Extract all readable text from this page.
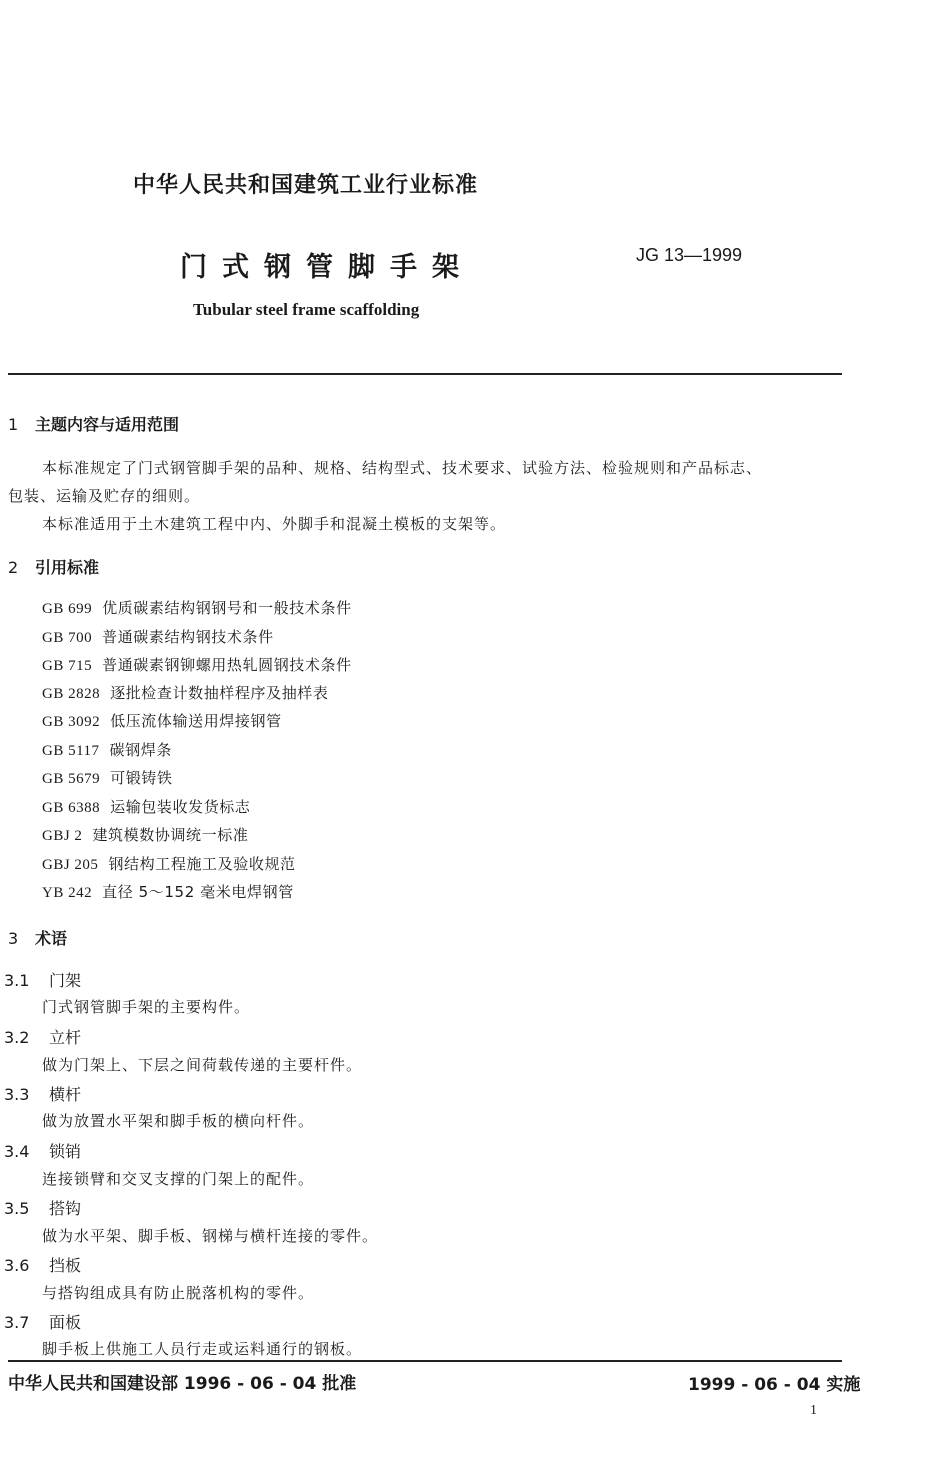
中华人民共和国建筑工业行业标准
门式钢管脚手架	JG 13—1999
Tubular steel frame scaffolding
1 主题内容与适用范围
本标准规定了门式钢管脚手架的品种、规格、结构型式、技术要求、试验方法、检验规则和产品标志、
包装、运输及贮存的细则。
本标准适用于土木建筑工程中内、外脚手和混凝土模板的支架等。
2 引用标准
GB 699 优质碳素结构钢钢号和一般技术条件
GB 700 普通碳素结构钢技术条件
GB 715 普通碳素钢铆螺用热轧圆钢技术条件
GB 2828 逐批检查计数抽样程序及抽样表
GB 3092 低压流体输送用焊接钢管
GB 5117 碳钢焊条
GB 5679 可锻铸铁
GB 6388 运输包装收发货标志
GBJ 2 建筑模数协调统一标准
GBJ 205 钢结构工程施工及验收规范
YB 242 直径 5～152 毫米电焊钢管
3 术语
3.1 门架
门式钢管脚手架的主要构件。
3.2 立杆
做为门架上、下层之间荷载传递的主要杆件。
3.3 横杆
做为放置水平架和脚手板的横向杆件。
3.4 锁销
连接锁臂和交叉支撑的门架上的配件。
3.5 搭钩
做为水平架、脚手板、钢梯与横杆连接的零件。
3.6 挡板
与搭钩组成具有防止脱落机构的零件。
3.7 面板
脚手板上供施工人员行走或运料通行的钢板。
中华人民共和国建设部 1996 - 06 - 04 批准	1999 - 06 - 04 实施
1
